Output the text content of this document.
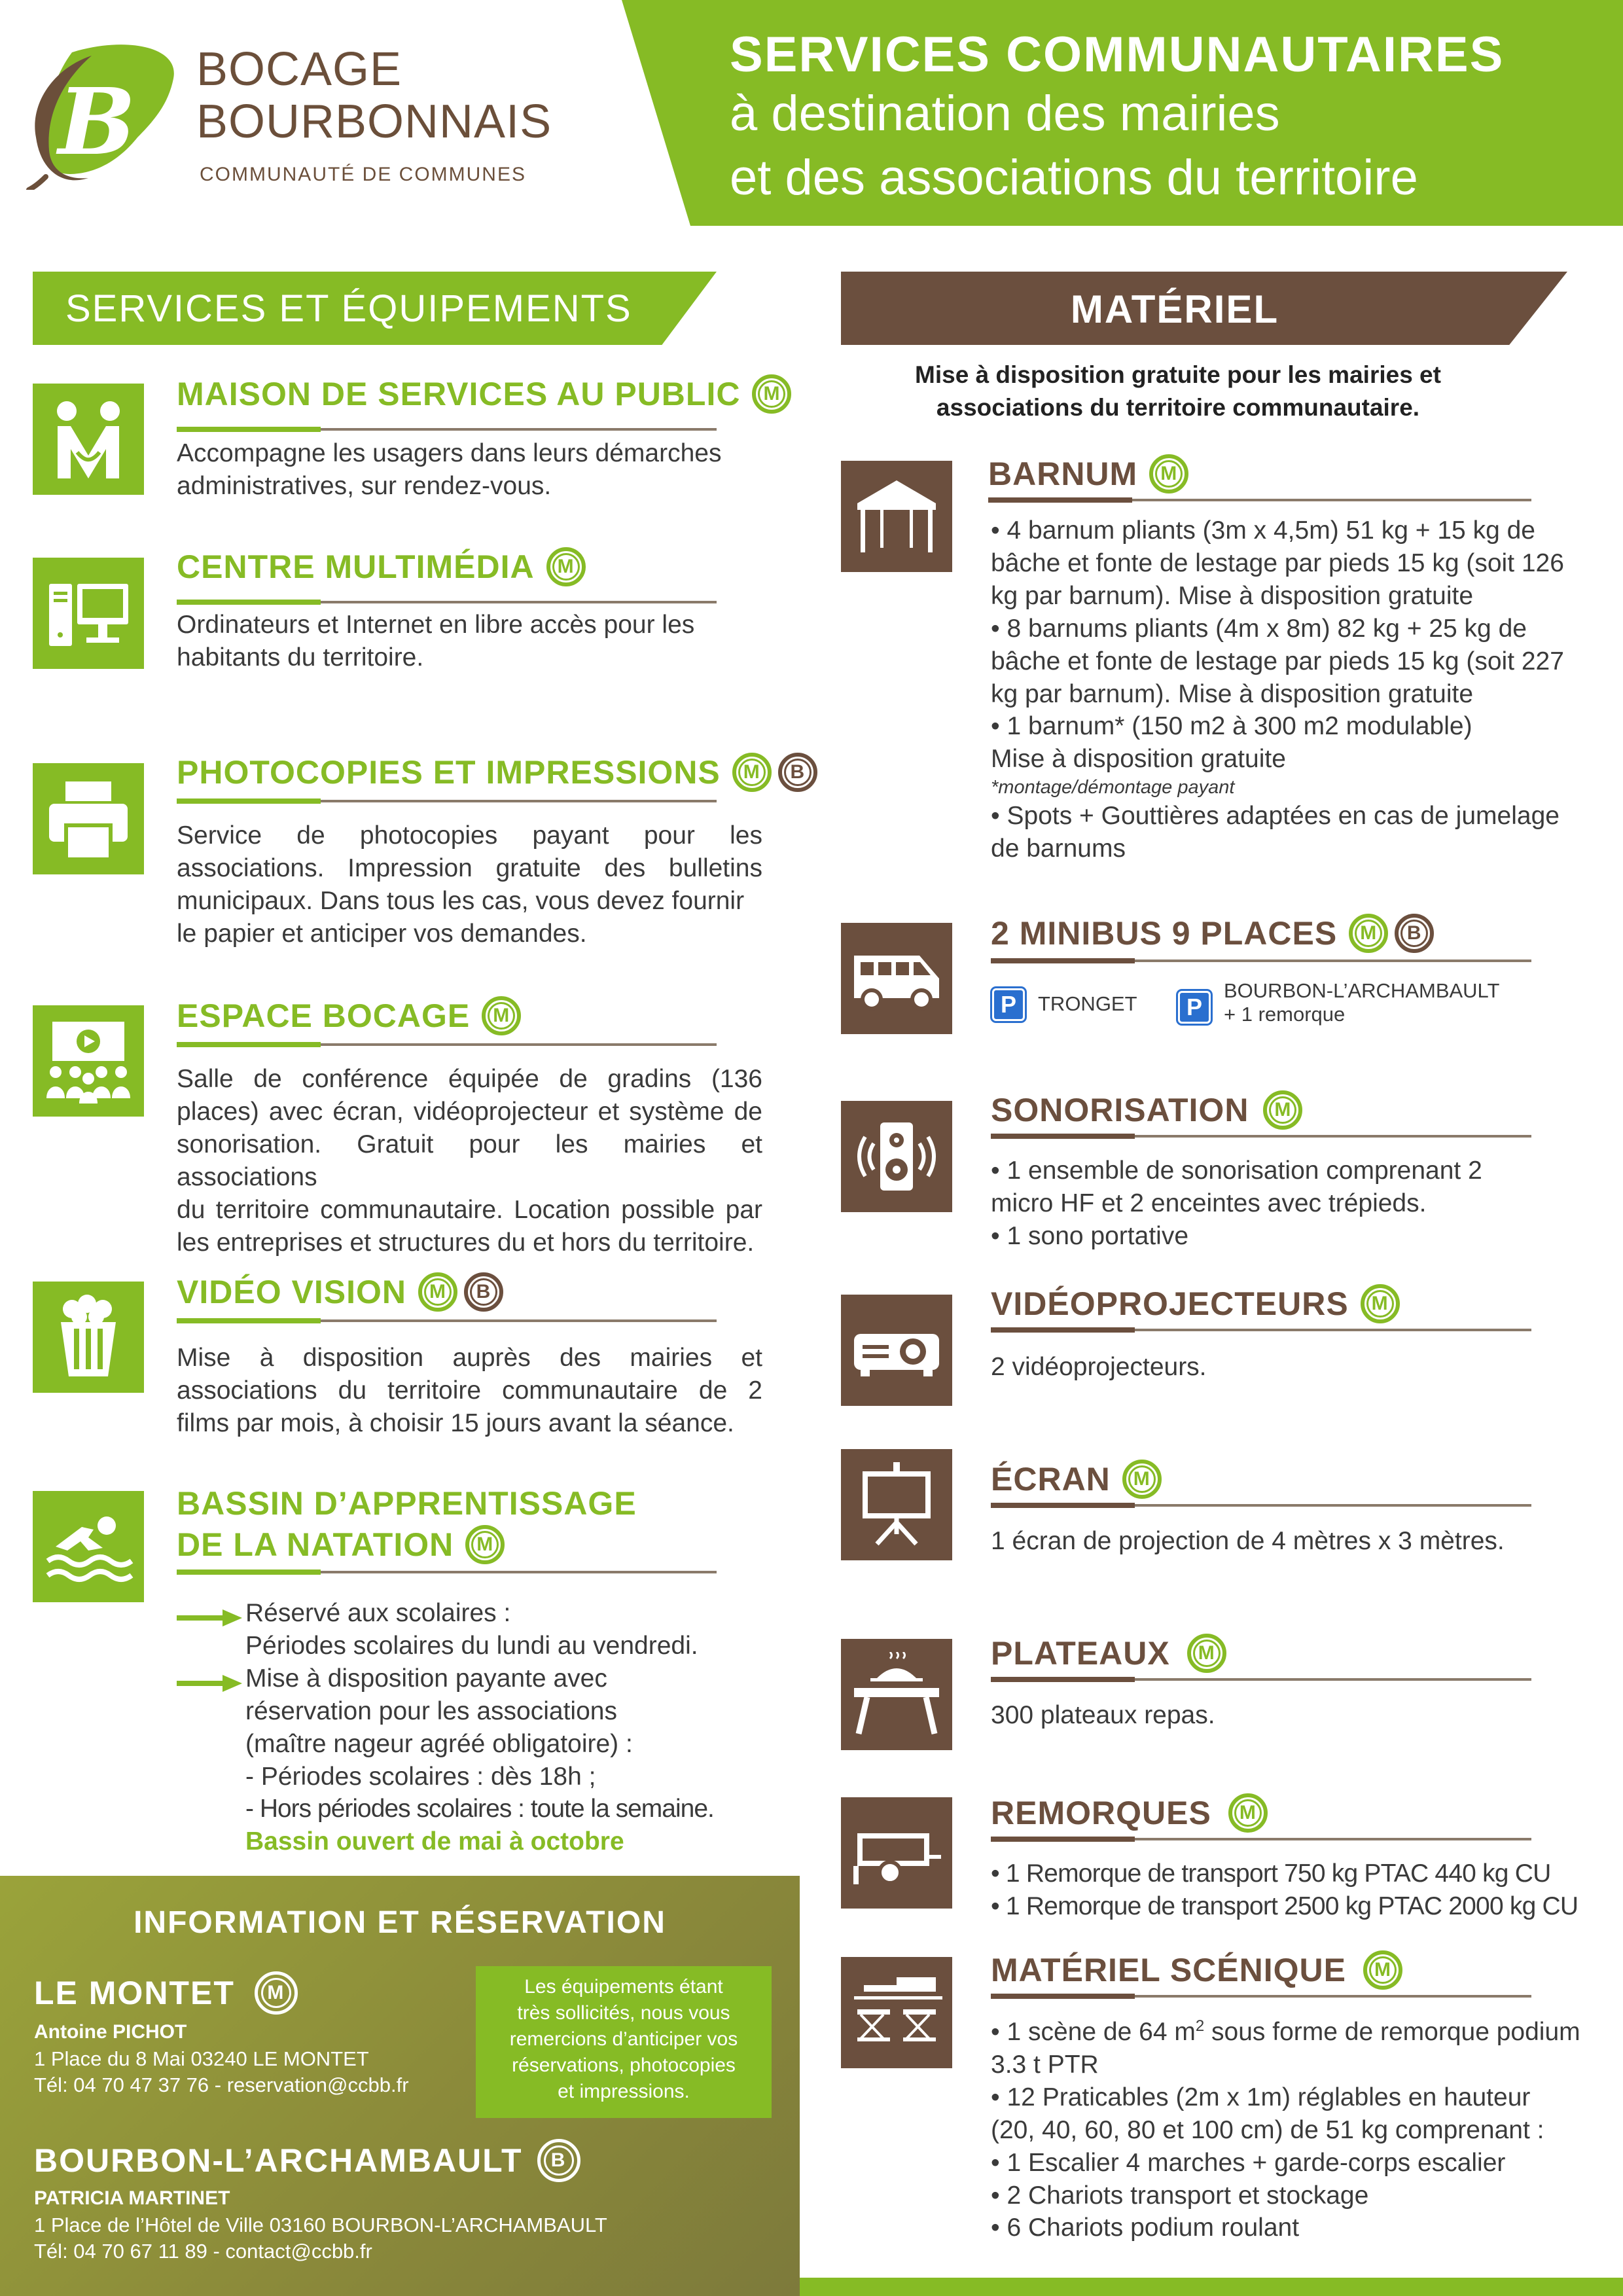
SERVICES COMMUNAUTAIRES
à destination des mairies
et des associations du territoire
B BOCAGE
BOURBONNAIS
COMMUNAUTÉ DE COMMUNES
SERVICES ET ÉQUIPEMENTS
MAISON DE SERVICES AU PUBLIC M
Accompagne les usagers dans leurs démarches
administratives, sur rendez-vous.
CENTRE MULTIMÉDIA M
Ordinateurs et Internet en libre accès pour les
habitants du territoire.
PHOTOCOPIES ET IMPRESSIONS M	B
Service de photocopies payant pour les
associations. Impression gratuite des bulletins
municipaux. Dans tous les cas, vous devez fournir
le papier et anticiper vos demandes.
ESPACE BOCAGE M
Salle de conférence équipée de gradins (136
places) avec écran, vidéoprojecteur et système de
sonorisation. Gratuit pour les mairies et associations
du territoire communautaire. Location possible par
les entreprises et structures du et hors du territoire.
VIDÉO VISION M	B
Mise à disposition auprès des mairies et
associations du territoire communautaire de 2
films par mois, à choisir 15 jours avant la séance.
BASSIN D’APPRENTISSAGE
DE LA NATATION M
Réservé aux scolaires :
Périodes scolaires du lundi au vendredi.
Mise à disposition payante avec
réservation pour les associations
(maître nageur agréé obligatoire) :
- Périodes scolaires : dès 18h ;
- Hors périodes scolaires : toute la semaine.
Bassin ouvert de mai à octobre
INFORMATION ET RÉSERVATION
LE MONTET	M
Antoine PICHOT
1 Place du 8 Mai 03240 LE MONTET
Tél: 04 70 47 37 76 - reservation@ccbb.fr
Les équipements étant
très sollicités, nous vous
remercions d’anticiper vos
réservations, photocopies
et impressions.
BOURBON-L’ARCHAMBAULT	B
PATRICIA MARTINET
1 Place de l’Hôtel de Ville 03160 BOURBON-L’ARCHAMBAULT
Tél: 04 70 67 11 89 - contact@ccbb.fr
MATÉRIEL
Mise à disposition gratuite pour les mairies et
associations du territoire communautaire.
BARNUM M
• 4 barnum pliants (3m x 4,5m) 51 kg + 15 kg de
bâche et fonte de lestage par pieds 15 kg (soit 126
kg par barnum). Mise à disposition gratuite
• 8 barnums pliants (4m x 8m) 82 kg + 25 kg de
bâche et fonte de lestage par pieds 15 kg (soit 227
kg par barnum). Mise à disposition gratuite
• 1 barnum* (150 m2 à 300 m2 modulable)
Mise à disposition gratuite
*montage/démontage payant
• Spots + Gouttières adaptées en cas de jumelage
de barnums
2 MINIBUS 9 PLACES M	B
P	TRONGET	P
BOURBON-L’ARCHAMBAULT
+ 1 remorque
SONORISATION M
• 1 ensemble de sonorisation comprenant 2
micro HF et 2 enceintes avec trépieds.
• 1 sono portative
VIDÉOPROJECTEURS M
2 vidéoprojecteurs.
ÉCRAN M
1 écran de projection de 4 mètres x 3 mètres.
PLATEAUX M
300 plateaux repas.
REMORQUES M
• 1 Remorque de transport 750 kg PTAC 440 kg CU
• 1 Remorque de transport 2500 kg PTAC 2000 kg CU
MATÉRIEL SCÉNIQUE M
• 1 scène de 64 $m^2$ sous forme de remorque podium
3.3 t PTR
• 12 Praticables (2m x 1m) réglables en hauteur
(20, 40, 60, 80 et 100 cm) de 51 kg comprenant :
• 1 Escalier 4 marches + garde-corps escalier
• 2 Chariots transport et stockage
• 6 Chariots podium roulant
